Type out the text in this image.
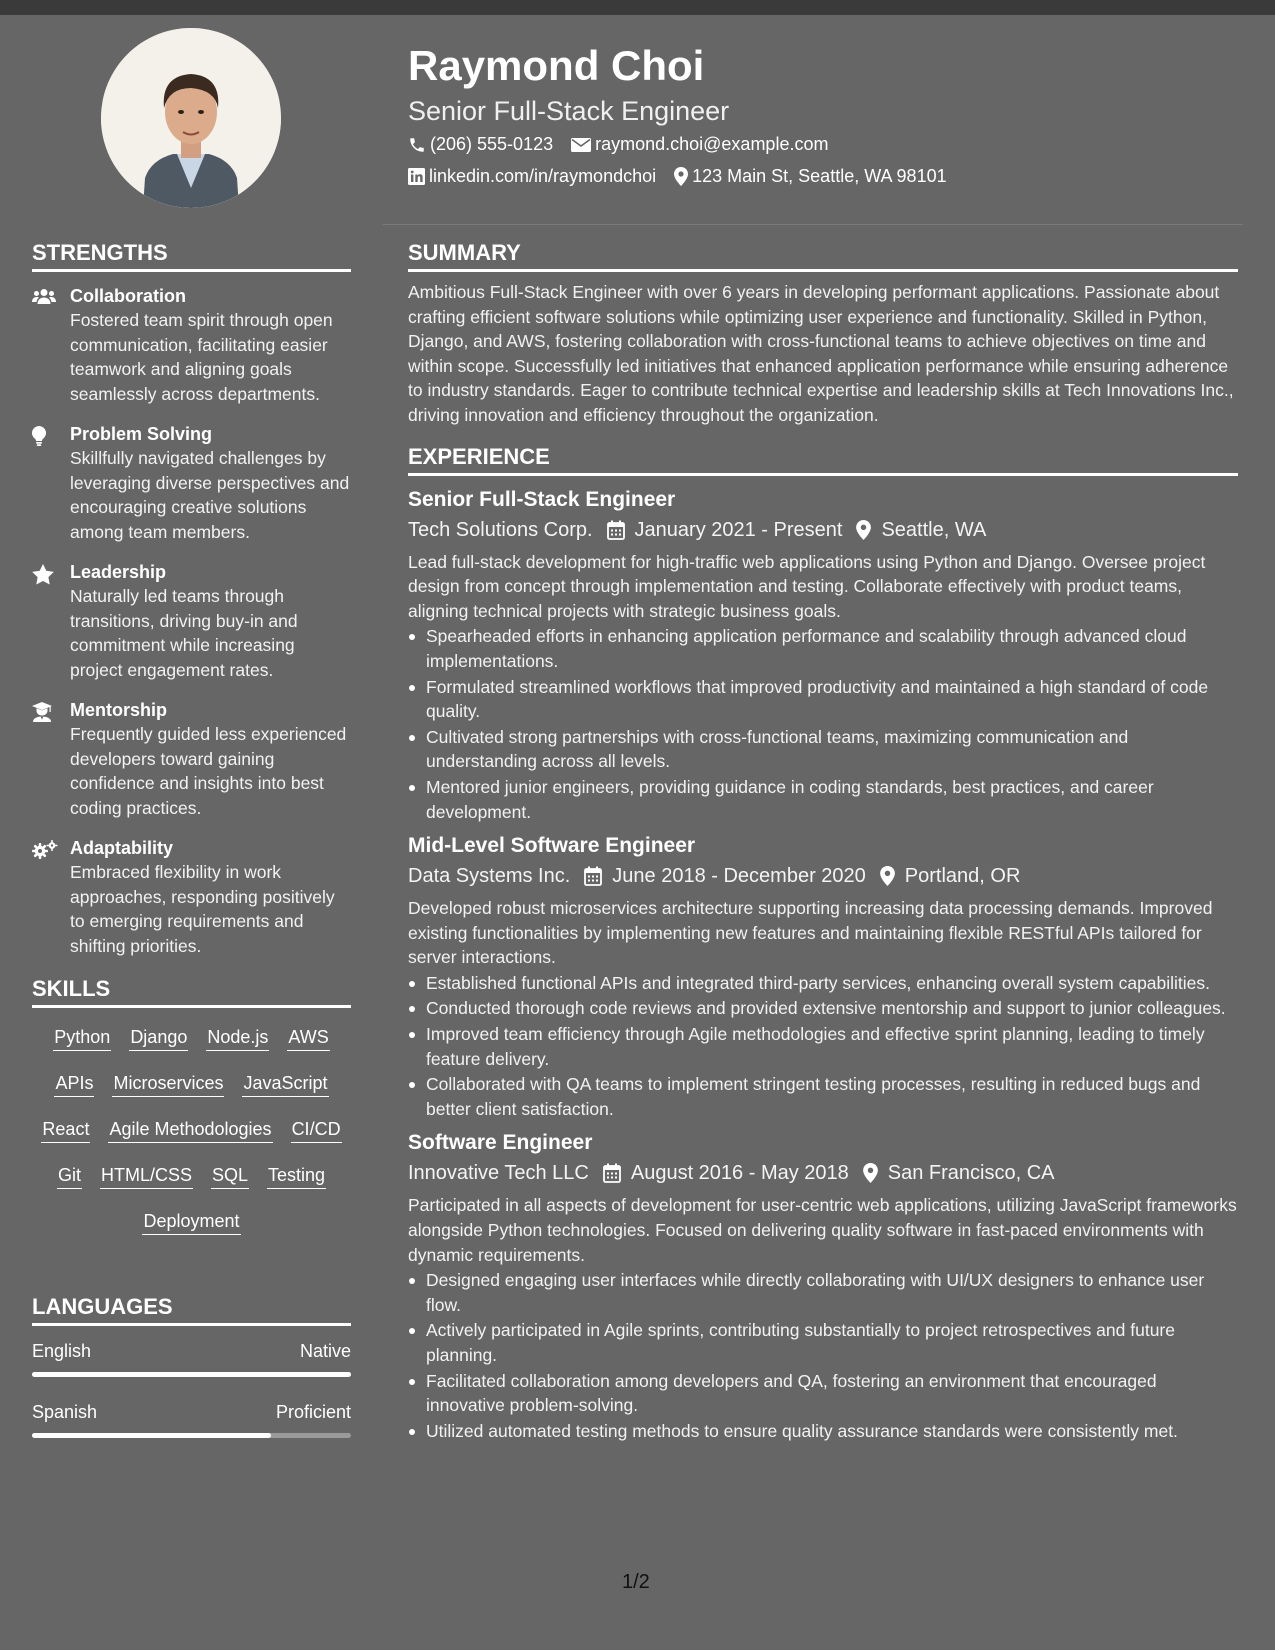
Raymond Choi
Senior Full-Stack Engineer
(206) 555-0123 raymond.choi@example.com
linkedin.com/in/raymondchoi 123 Main St, Seattle, WA 98101
STRENGTHS
Collaboration
Fostered team spirit through open communication, facilitating easier teamwork and aligning goals seamlessly across departments.
Problem Solving
Skillfully navigated challenges by leveraging diverse perspectives and encouraging creative solutions among team members.
Leadership
Naturally led teams through transitions, driving buy-in and commitment while increasing project engagement rates.
Mentorship
Frequently guided less experienced developers toward gaining confidence and insights into best coding practices.
Adaptability
Embraced flexibility in work approaches, responding positively to emerging requirements and shifting priorities.
SKILLS
Python Django Node.js AWS
APIs Microservices JavaScript
React Agile Methodologies CI/CD
Git HTML/CSS SQL Testing
Deployment
LANGUAGES
English	Native
Spanish	Proficient
SUMMARY
Ambitious Full-Stack Engineer with over 6 years in developing performant applications. Passionate about crafting efficient software solutions while optimizing user experience and functionality. Skilled in Python, Django, and AWS, fostering collaboration with cross-functional teams to achieve objectives on time and within scope. Successfully led initiatives that enhanced application performance while ensuring adherence to industry standards. Eager to contribute technical expertise and leadership skills at Tech Innovations Inc., driving innovation and efficiency throughout the organization.
EXPERIENCE
Senior Full-Stack Engineer
Tech Solutions Corp. January 2021 - Present Seattle, WA
Lead full-stack development for high-traffic web applications using Python and Django. Oversee project design from concept through implementation and testing. Collaborate effectively with product teams, aligning technical projects with strategic business goals.
Spearheaded efforts in enhancing application performance and scalability through advanced cloud implementations.
Formulated streamlined workflows that improved productivity and maintained a high standard of code quality.
Cultivated strong partnerships with cross-functional teams, maximizing communication and understanding across all levels.
Mentored junior engineers, providing guidance in coding standards, best practices, and career development.
Mid-Level Software Engineer
Data Systems Inc. June 2018 - December 2020 Portland, OR
Developed robust microservices architecture supporting increasing data processing demands. Improved existing functionalities by implementing new features and maintaining flexible RESTful APIs tailored for server interactions.
Established functional APIs and integrated third-party services, enhancing overall system capabilities.
Conducted thorough code reviews and provided extensive mentorship and support to junior colleagues.
Improved team efficiency through Agile methodologies and effective sprint planning, leading to timely feature delivery.
Collaborated with QA teams to implement stringent testing processes, resulting in reduced bugs and better client satisfaction.
Software Engineer
Innovative Tech LLC August 2016 - May 2018 San Francisco, CA
Participated in all aspects of development for user-centric web applications, utilizing JavaScript frameworks alongside Python technologies. Focused on delivering quality software in fast-paced environments with dynamic requirements.
Designed engaging user interfaces while directly collaborating with UI/UX designers to enhance user flow.
Actively participated in Agile sprints, contributing substantially to project retrospectives and future planning.
Facilitated collaboration among developers and QA, fostering an environment that encouraged innovative problem-solving.
Utilized automated testing methods to ensure quality assurance standards were consistently met.
1/2
